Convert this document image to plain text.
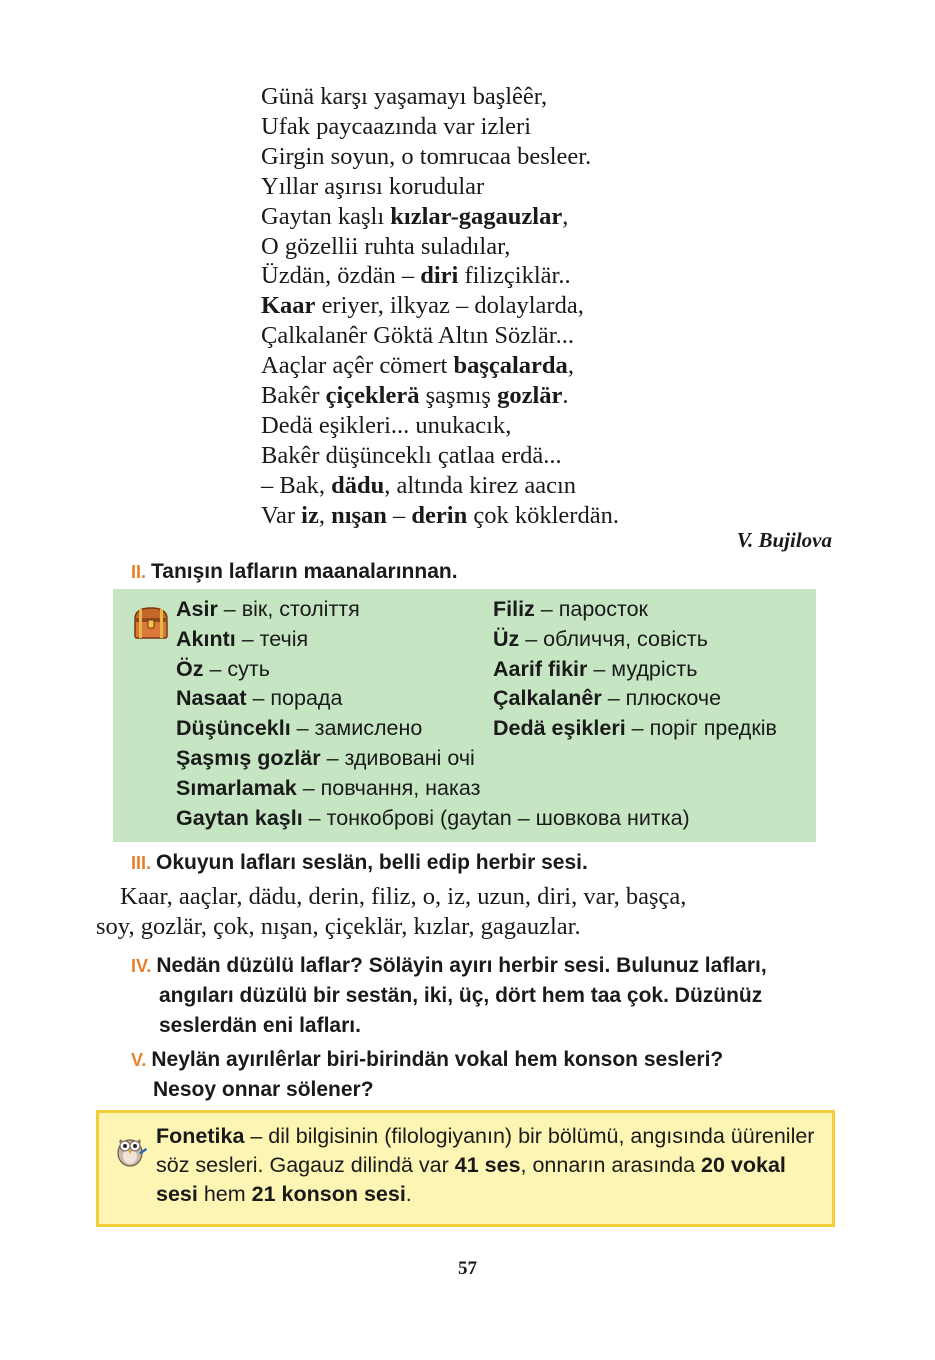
Günä karşı yaşamayı başlêêr,
Ufak paycaazında var izleri
Girgin soyun, o tomrucaa besleer.
Yıllar aşırısı korudular
Gaytan kaşlı kızlar-gagauzlar,
O gözellii ruhta suladılar,
Üzdän, özdän – diri filizçiklär..
Kaar eriyer, ilkyaz – dolaylarda,
Çalkalanêr Göktä Altın Sözlär...
Aaçlar açêr cömert başçalarda,
Bakêr çiçeklerä şaşmış gozlär.
Dedä eşikleri... unukacık,
Bakêr düşünceklı çatlaa erdä...
– Bak, dädu, altında kirez aacın
Var iz, nışan – derin çok köklerdän.
V. Bujilova
II. Tanışın lafların maanalarınnan.
Asir – вік, століття
Akıntı – течія
Öz – суть
Nasaat – порада
Düşünceklı – замислено
Şaşmış gozlär – здивовані очі
Sımarlamak – повчання, наказ
Gaytan kaşlı – тонкоброві (gaytan – шовкова нитка)
Filiz – паросток
Üz – обличчя, совість
Aarif fikir – мудрість
Çalkalanêr – плюскоче
Dedä eşikleri – поріг предків
III. Okuyun lafları seslän, belli edip herbir sesi.
Kaar, aaçlar, dädu, derin, filiz, o, iz, uzun, diri, var, başça,
soy, gozlär, çok, nışan, çiçeklär, kızlar, gagauzlar.
IV. Nedän düzülü laflar? Söläyin ayırı herbir sesi. Bulunuz lafları,
angıları düzülü bir sestän, iki, üç, dört hem taa çok. Düzünüz
seslerdän eni lafları.
V. Neylän ayırılêrlar biri-birindän vokal hem konson sesleri?
Nesoy onnar sölener?
Fonetika – dil bilgisinin (filologiyanın) bir bölümü, angısında üüreniler söz sesleri. Gagauz dilindä var 41 ses, onnarın arasında 20 vokal sesi hem 21 konson sesi.
57
